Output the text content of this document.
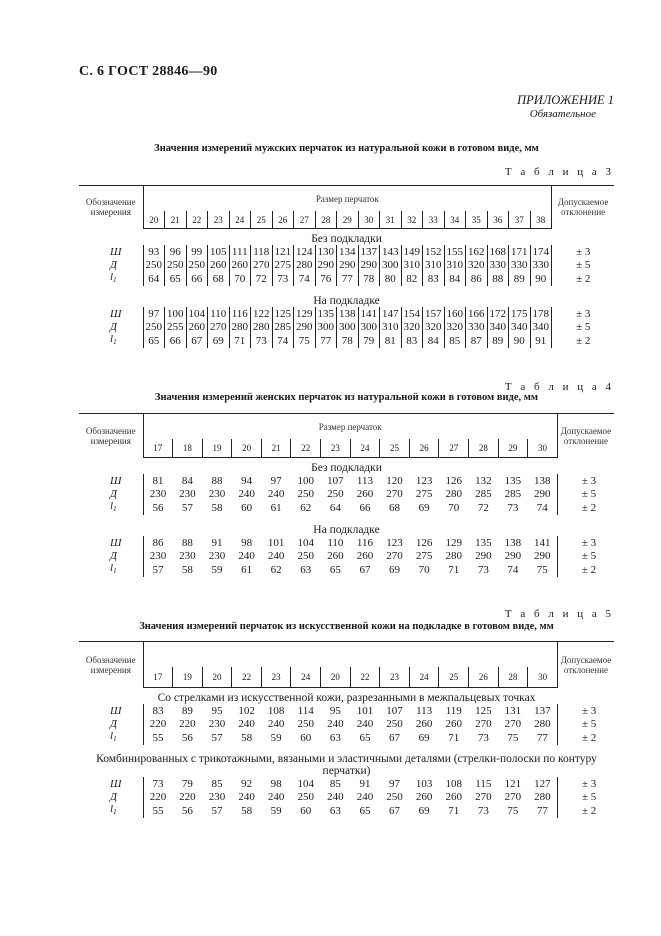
С. 6 ГОСТ 28846—90
ПРИЛОЖЕНИЕ 1
Обязательное
Значения измерений мужских перчаток из натуральной кожи в готовом виде, мм
Т а б л и ц а 3
Обозначение измерения	Размер перчаток																			Допускаемое отклонение
	20	21	22	23	24	25	26	27	28	29	30	31	32	33	34	35	36	37	38	
Без подкладки																				
Ш	93	96	99	105	111	118	121	124	130	134	137	143	149	152	155	162	168	171	174	± 3
Д	250	250	250	260	260	270	275	280	290	290	290	300	310	310	310	320	330	330	330	± 5
$l_1$	64	65	66	68	70	72	73	74	76	77	78	80	82	83	84	86	88	89	90	± 2
На подкладке																				
Ш	97	100	104	110	116	122	125	129	135	138	141	147	154	157	160	166	172	175	178	± 3
Д	250	255	260	270	280	280	285	290	300	300	300	310	320	320	320	330	340	340	340	± 5
$l_1$	65	66	67	69	71	73	74	75	77	78	79	81	83	84	85	87	89	90	91	± 2
Т а б л и ц а 4
Значения измерений женских перчаток из натуральной кожи в готовом виде, мм
Обозначение измерения	Размер перчаток														Допускаемое отклонение
	17	18	19	20	21	22	23	24	25	26	27	28	29	30	
Без подкладки															
Ш	81	84	88	94	97	100	107	113	120	123	126	132	135	138	± 3
Д	230	230	230	240	240	250	250	260	270	275	280	285	285	290	± 5
$l_1$	56	57	58	60	61	62	64	66	68	69	70	72	73	74	± 2
На подкладке															
Ш	86	88	91	98	101	104	110	116	123	126	129	135	138	141	± 3
Д	230	230	230	240	240	250	260	260	270	275	280	290	290	290	± 5
$l_1$	57	58	59	61	62	63	65	67	69	70	71	73	74	75	± 2
Т а б л и ц а 5
Значения измерений перчаток из искусственной кожи на подкладке в готовом виде, мм
Обозначение измерения															Допускаемое отклонение
	17	19	20	22	23	24	20	22	23	24	25	26	28	30	
Со стрелками из искусственной кожи, разрезанными в межпальцевых точках															
Ш	83	89	95	102	108	114	95	101	107	113	119	125	131	137	± 3
Д	220	220	230	240	240	250	240	240	250	260	260	270	270	280	± 5
$l_1$	55	56	57	58	59	60	63	65	67	69	71	73	75	77	± 2
Комбинированных с трикотажными, вязаными и эластичными деталями (стрелки-полоски по контуру перчатки)															
Ш	73	79	85	92	98	104	85	91	97	103	108	115	121	127	± 3
Д	220	220	230	240	240	250	240	240	250	260	260	270	270	280	± 5
$l_1$	55	56	57	58	59	60	63	65	67	69	71	73	75	77	± 2
